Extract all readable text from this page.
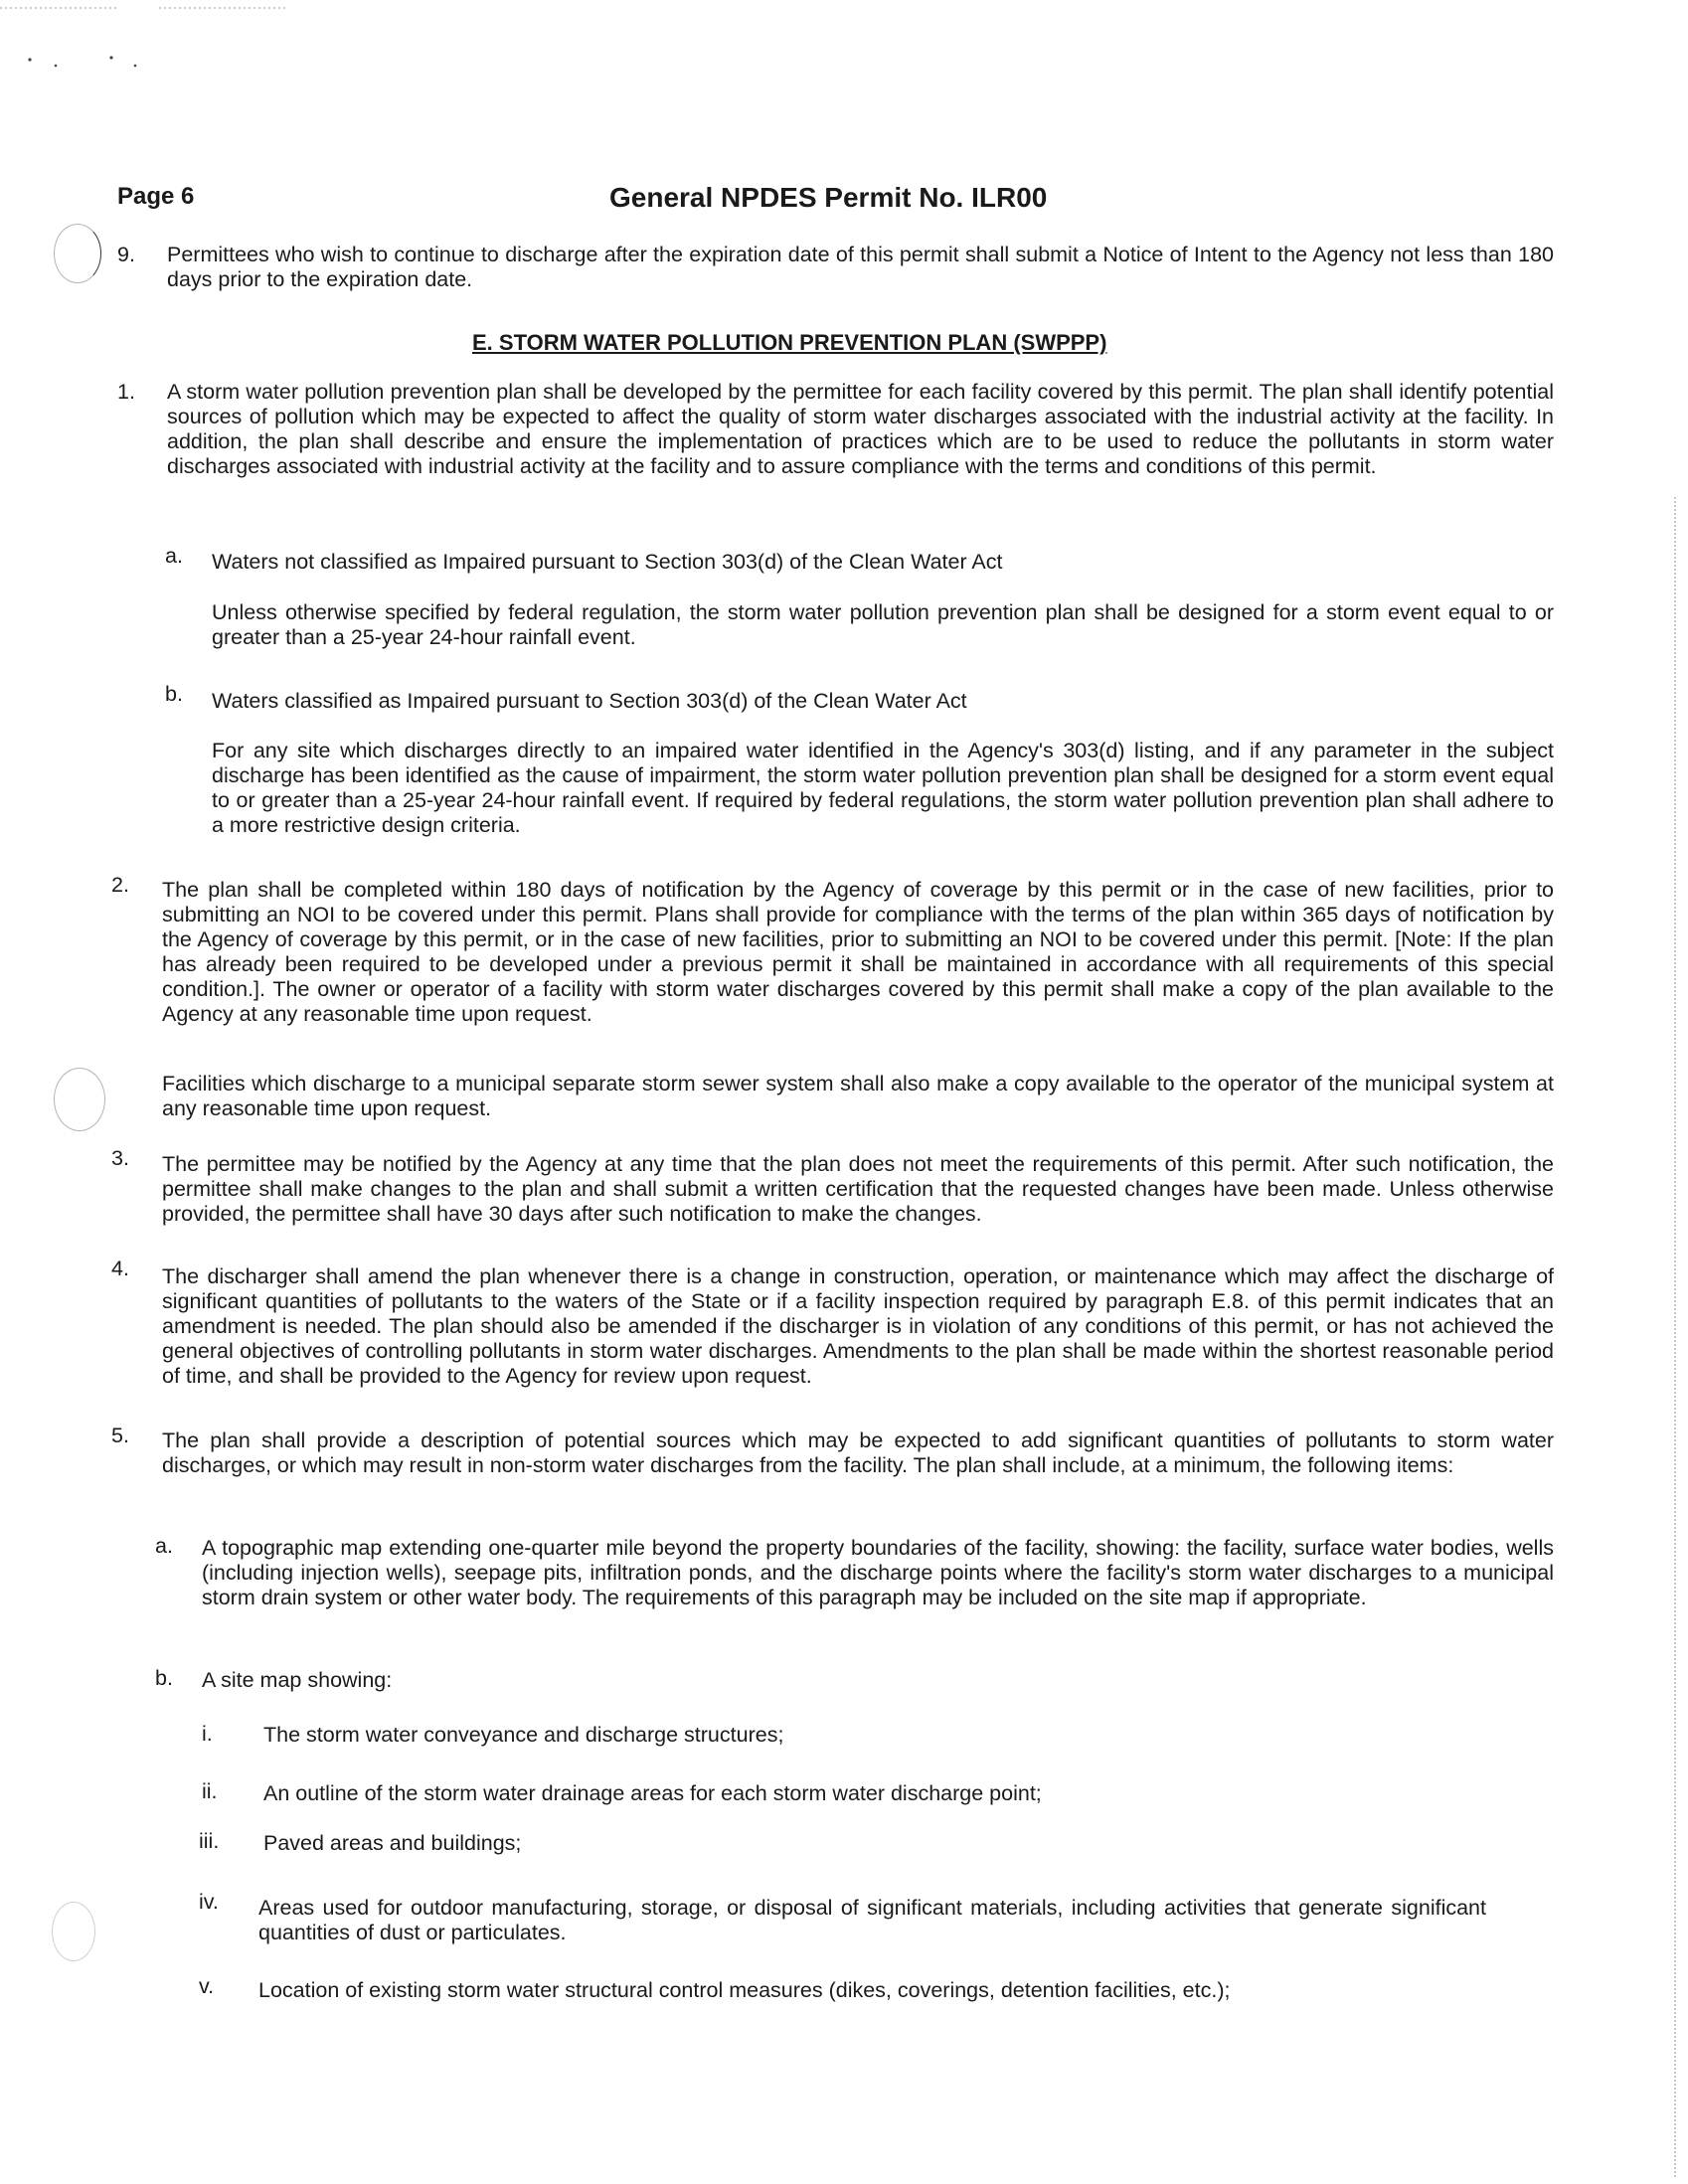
Page 6	General NPDES Permit No. ILR00
9. Permittees who wish to continue to discharge after the expiration date of this permit shall submit a Notice of Intent to the Agency not less than 180 days prior to the expiration date.
E. STORM WATER POLLUTION PREVENTION PLAN (SWPPP)
1. A storm water pollution prevention plan shall be developed by the permittee for each facility covered by this permit. The plan shall identify potential sources of pollution which may be expected to affect the quality of storm water discharges associated with the industrial activity at the facility. In addition, the plan shall describe and ensure the implementation of practices which are to be used to reduce the pollutants in storm water discharges associated with industrial activity at the facility and to assure compliance with the terms and conditions of this permit.
a. Waters not classified as Impaired pursuant to Section 303(d) of the Clean Water Act
Unless otherwise specified by federal regulation, the storm water pollution prevention plan shall be designed for a storm event equal to or greater than a 25-year 24-hour rainfall event.
b. Waters classified as Impaired pursuant to Section 303(d) of the Clean Water Act
For any site which discharges directly to an impaired water identified in the Agency's 303(d) listing, and if any parameter in the subject discharge has been identified as the cause of impairment, the storm water pollution prevention plan shall be designed for a storm event equal to or greater than a 25-year 24-hour rainfall event. If required by federal regulations, the storm water pollution prevention plan shall adhere to a more restrictive design criteria.
2. The plan shall be completed within 180 days of notification by the Agency of coverage by this permit or in the case of new facilities, prior to submitting an NOI to be covered under this permit. Plans shall provide for compliance with the terms of the plan within 365 days of notification by the Agency of coverage by this permit, or in the case of new facilities, prior to submitting an NOI to be covered under this permit. [Note: If the plan has already been required to be developed under a previous permit it shall be maintained in accordance with all requirements of this special condition.]. The owner or operator of a facility with storm water discharges covered by this permit shall make a copy of the plan available to the Agency at any reasonable time upon request.
Facilities which discharge to a municipal separate storm sewer system shall also make a copy available to the operator of the municipal system at any reasonable time upon request.
3. The permittee may be notified by the Agency at any time that the plan does not meet the requirements of this permit. After such notification, the permittee shall make changes to the plan and shall submit a written certification that the requested changes have been made. Unless otherwise provided, the permittee shall have 30 days after such notification to make the changes.
4. The discharger shall amend the plan whenever there is a change in construction, operation, or maintenance which may affect the discharge of significant quantities of pollutants to the waters of the State or if a facility inspection required by paragraph E.8. of this permit indicates that an amendment is needed. The plan should also be amended if the discharger is in violation of any conditions of this permit, or has not achieved the general objectives of controlling pollutants in storm water discharges. Amendments to the plan shall be made within the shortest reasonable period of time, and shall be provided to the Agency for review upon request.
5. The plan shall provide a description of potential sources which may be expected to add significant quantities of pollutants to storm water discharges, or which may result in non-storm water discharges from the facility. The plan shall include, at a minimum, the following items:
a. A topographic map extending one-quarter mile beyond the property boundaries of the facility, showing: the facility, surface water bodies, wells (including injection wells), seepage pits, infiltration ponds, and the discharge points where the facility's storm water discharges to a municipal storm drain system or other water body. The requirements of this paragraph may be included on the site map if appropriate.
b. A site map showing:
i. The storm water conveyance and discharge structures;
ii. An outline of the storm water drainage areas for each storm water discharge point;
iii. Paved areas and buildings;
iv. Areas used for outdoor manufacturing, storage, or disposal of significant materials, including activities that generate significant quantities of dust or particulates.
v. Location of existing storm water structural control measures (dikes, coverings, detention facilities, etc.);
